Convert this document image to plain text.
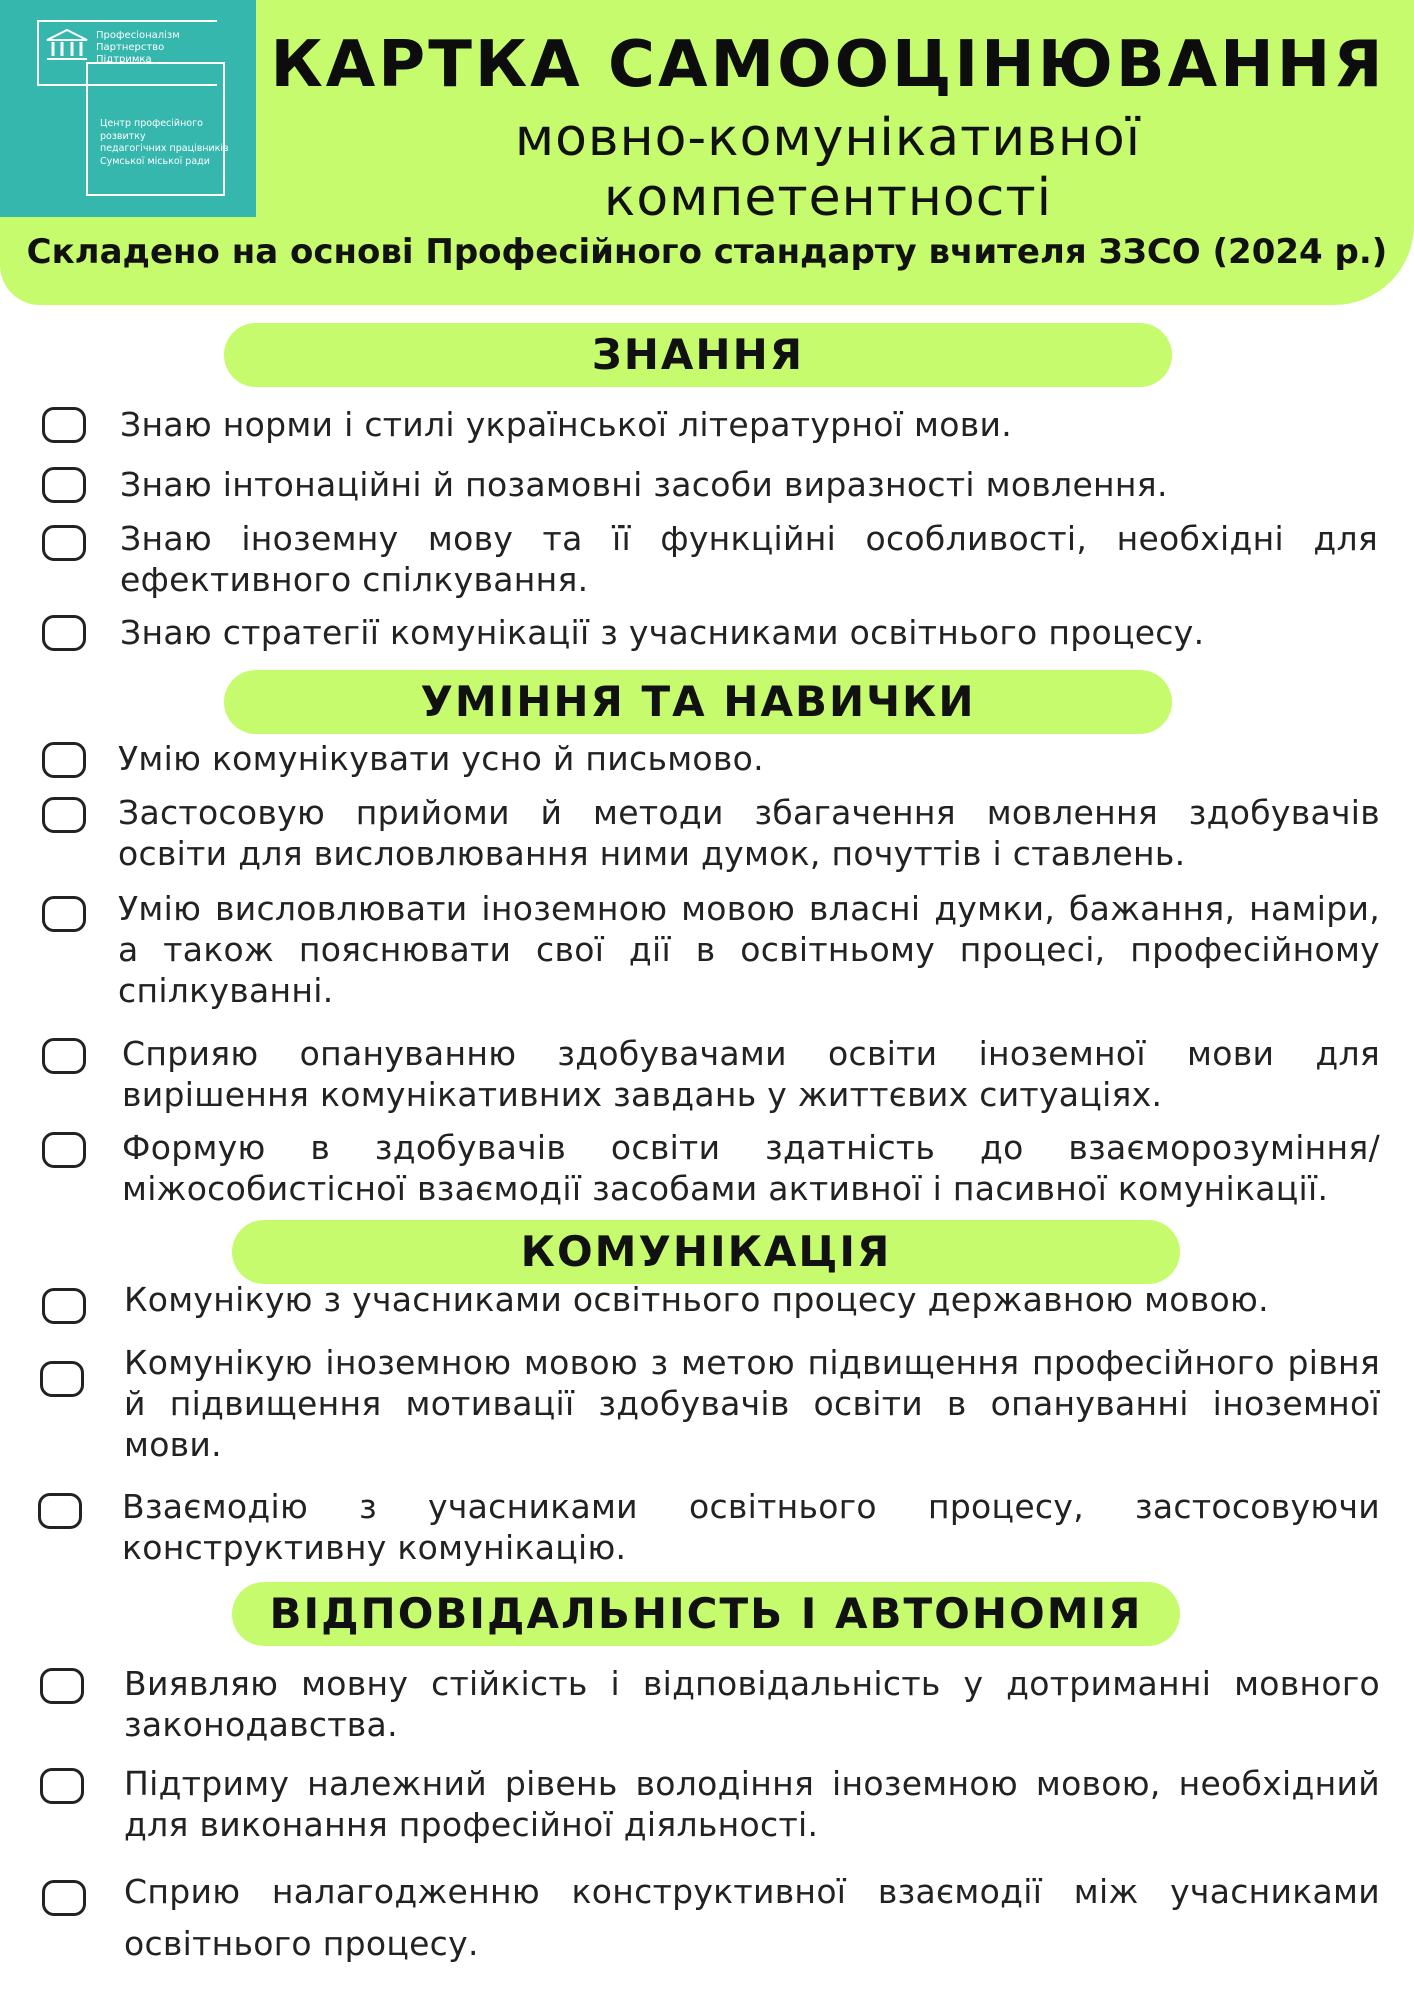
Професіоналізм
Партнерство
Підтримка
Центр професійного розвитку
педагогічних працівників
Сумської міської ради
КАРТКА САМООЦІНЮВАННЯ
мовно-комунікативної
компетентності
Складено на основі Професійного стандарту вчителя ЗЗСО (2024 р.)
ЗНАННЯ
Знаю норми і стилі української літературної мови.
Знаю інтонаційні й позамовні засоби виразності мовлення.
Знаю іноземну мову та її функційні особливості, необхідні для ефективного спілкування.
Знаю стратегії комунікації з учасниками освітнього процесу.
УМІННЯ ТА НАВИЧКИ
Умію комунікувати усно й письмово.
Застосовую прийоми й методи збагачення мовлення здобувачів освіти для висловлювання ними думок, почуттів і ставлень.
Умію висловлювати іноземною мовою власні думки, бажання, наміри, а також пояснювати свої дії в освітньому процесі, професійному спілкуванні.
Сприяю опануванню здобувачами освіти іноземної мови для вирішення комунікативних завдань у життєвих ситуаціях.
Формую в здобувачів освіти здатність до взаєморозуміння/ міжособистісної взаємодії засобами активної і пасивної комунікації.
КОМУНІКАЦІЯ
Комунікую з учасниками освітнього процесу державною мовою.
Комунікую іноземною мовою з метою підвищення професійного рівня й підвищення мотивації здобувачів освіти в опануванні іноземної мови.
Взаємодію з учасниками освітнього процесу, застосовуючи конструктивну комунікацію.
ВІДПОВІДАЛЬНІСТЬ І АВТОНОМІЯ
Виявляю мовну стійкість і відповідальність у дотриманні мовного законодавства.
Підтриму належний рівень володіння іноземною мовою, необхідний для виконання професійної діяльності.
Сприю налагодженню конструктивної взаємодії між учасниками освітнього процесу.
